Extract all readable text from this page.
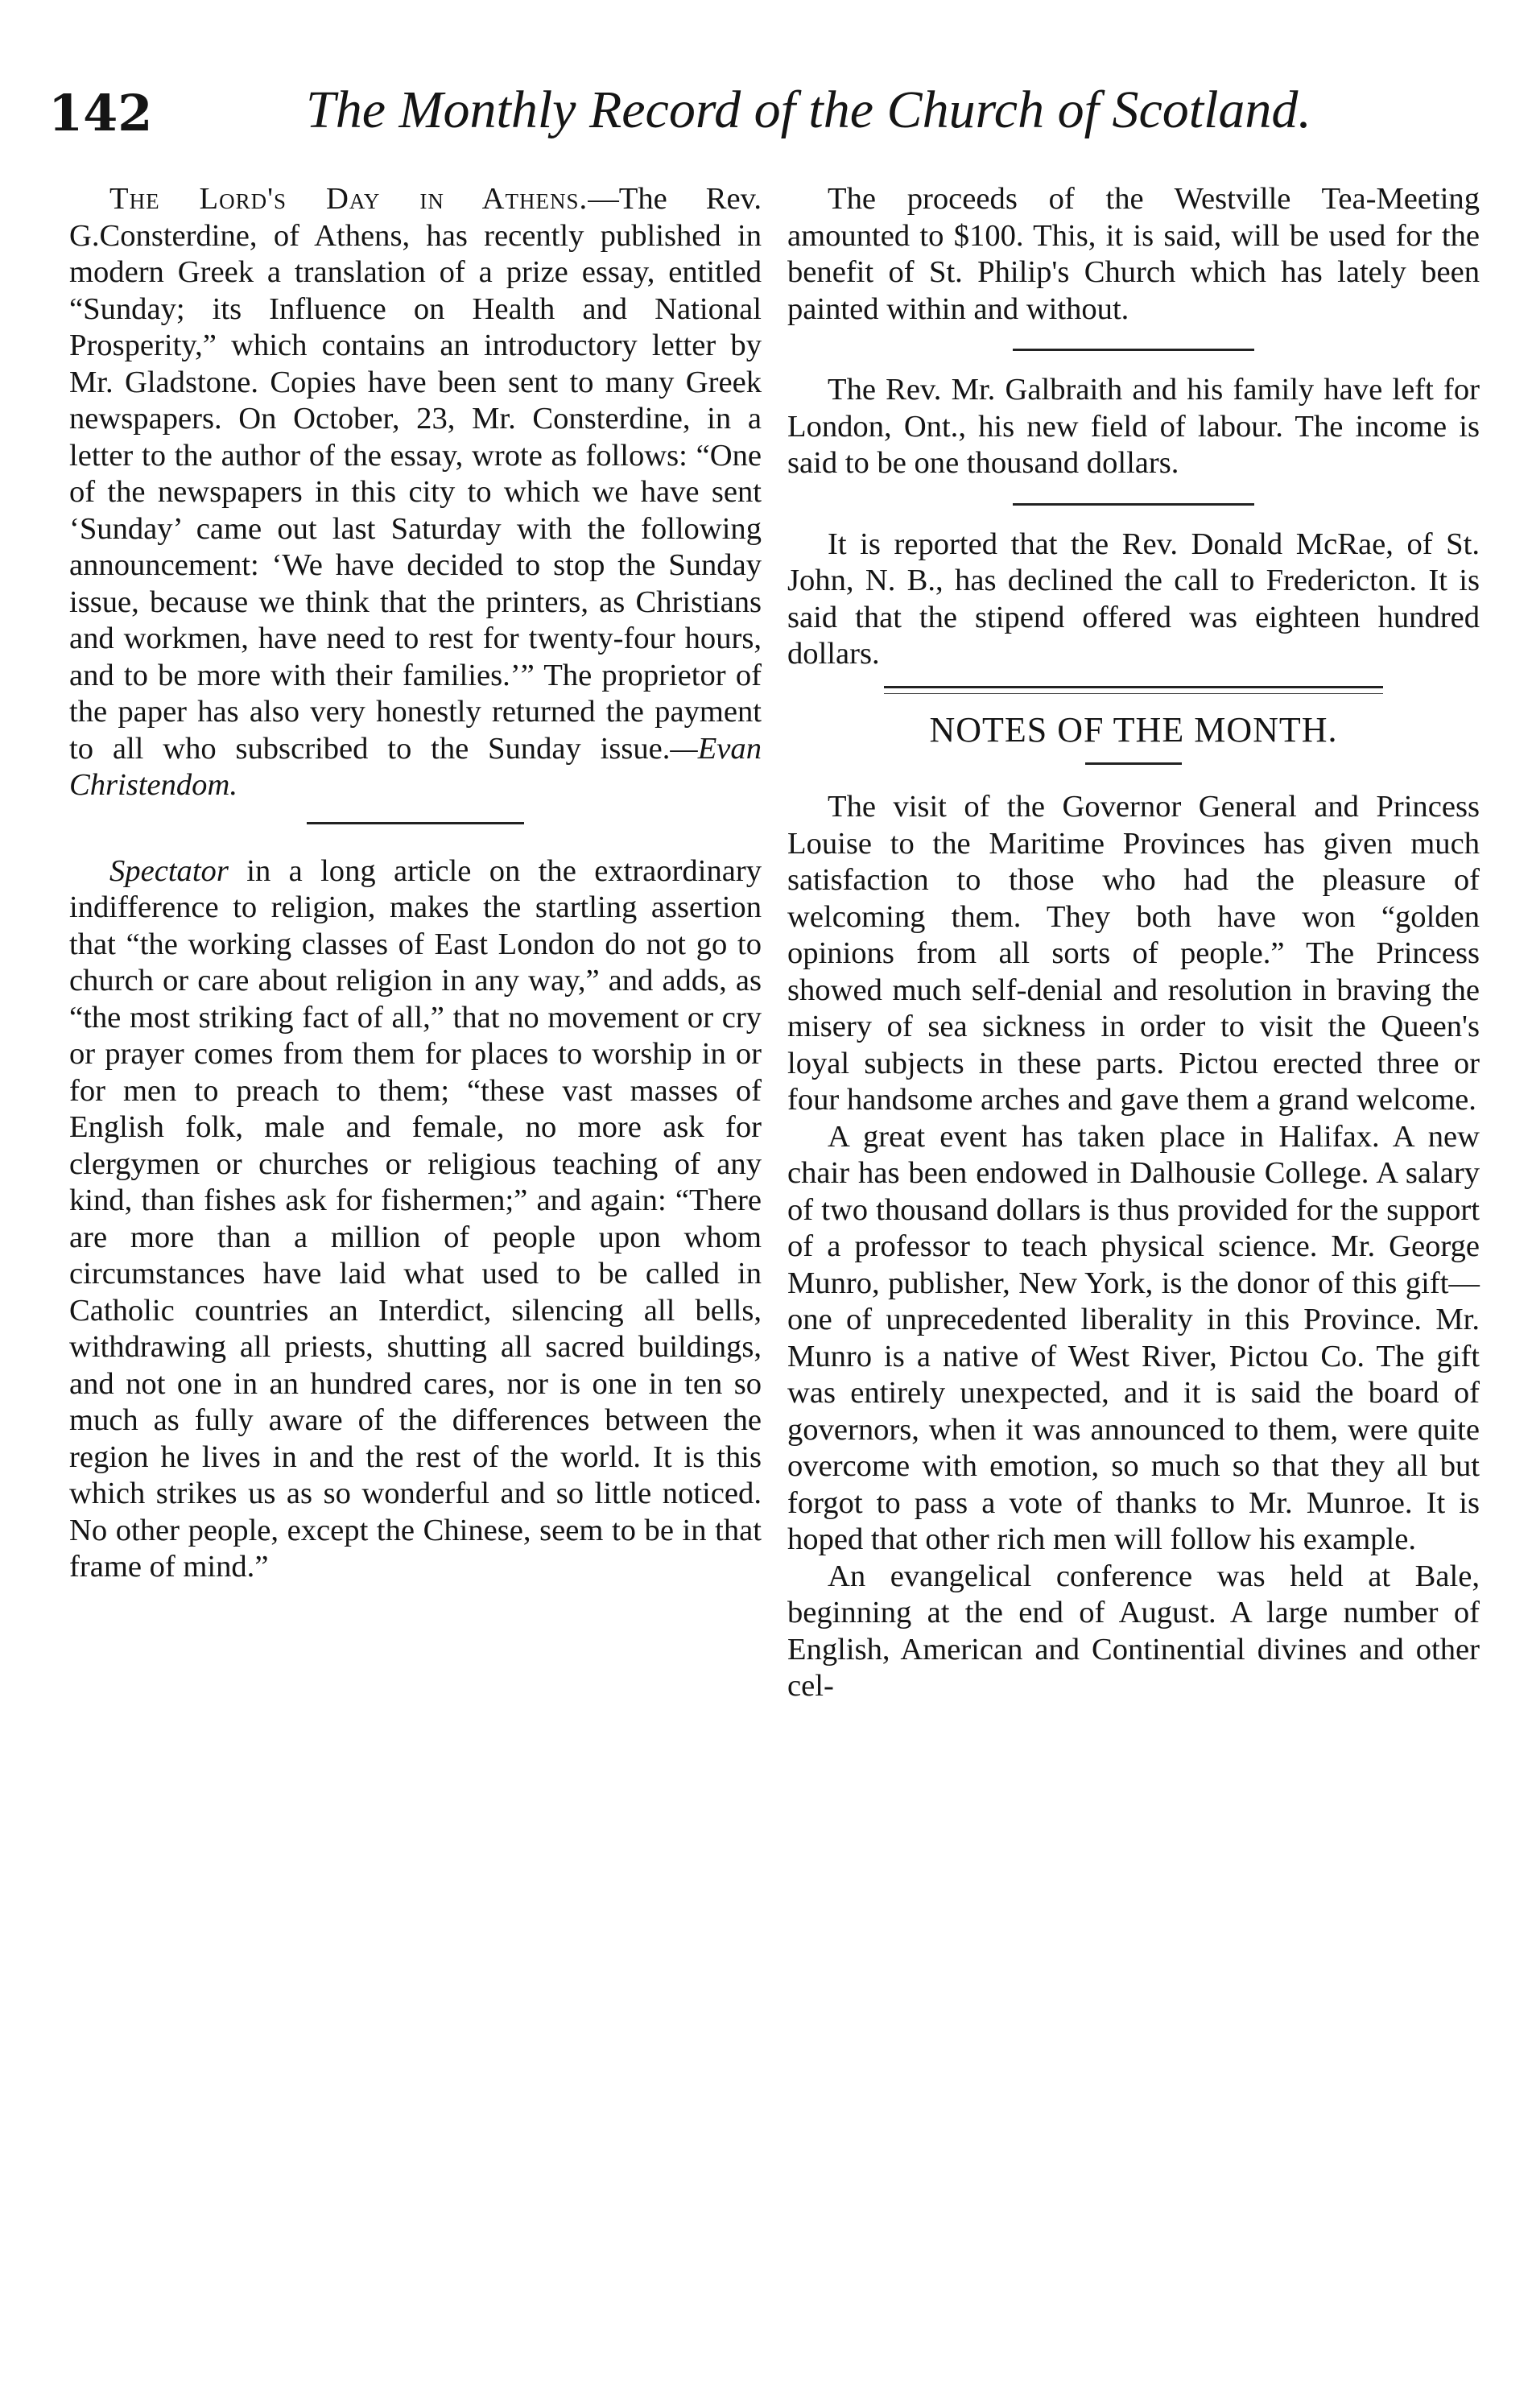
142	The Monthly Record of the Church of Scotland.

The Lord's Day in Athens.—The Rev. G.Consterdine, of Athens, has recently published in modern Greek a translation of a prize essay, entitled “Sunday; its Influence on Health and National Prosperity,” which contains an introductory letter by Mr. Gladstone. Copies have been sent to many Greek newspapers. On October, 23, Mr. Consterdine, in a letter to the author of the essay, wrote as follows: “One of the newspapers in this city to which we have sent ‘Sunday’ came out last Saturday with the following announcement: ‘We have decided to stop the Sunday issue, because we think that the printers, as Christians and workmen, have need to rest for twenty-four hours, and to be more with their families.’” The proprietor of the paper has also very honestly returned the payment to all who subscribed to the Sunday issue.—Evan Christendom.

Spectator in a long article on the extraordinary indifference to religion, makes the startling assertion that “the working classes of East London do not go to church or care about religion in any way,” and adds, as “the most striking fact of all,” that no movement or cry or prayer comes from them for places to worship in or for men to preach to them; “these vast masses of English folk, male and female, no more ask for clergymen or churches or religious teaching of any kind, than fishes ask for fishermen;” and again: “There are more than a million of people upon whom circumstances have laid what used to be called in Catholic countries an Interdict, silencing all bells, withdrawing all priests, shutting all sacred buildings, and not one in an hundred cares, nor is one in ten so much as fully aware of the differences between the region he lives in and the rest of the world. It is this which strikes us as so wonderful and so little noticed. No other people, except the Chinese, seem to be in that frame of mind.”

The proceeds of the Westville Tea-Meeting amounted to $100. This, it is said, will be used for the benefit of St. Philip's Church which has lately been painted within and without.

The Rev. Mr. Galbraith and his family have left for London, Ont., his new field of labour. The income is said to be one thousand dollars.

It is reported that the Rev. Donald McRae, of St. John, N. B., has declined the call to Fredericton. It is said that the stipend offered was eighteen hundred dollars.

NOTES OF THE MONTH.

The visit of the Governor General and Princess Louise to the Maritime Provinces has given much satisfaction to those who had the pleasure of welcoming them. They both have won “golden opinions from all sorts of people.” The Princess showed much self-denial and resolution in braving the misery of sea sickness in order to visit the Queen's loyal subjects in these parts. Pictou erected three or four handsome arches and gave them a grand welcome.

A great event has taken place in Halifax. A new chair has been endowed in Dalhousie College. A salary of two thousand dollars is thus provided for the support of a professor to teach physical science. Mr. George Munro, publisher, New York, is the donor of this gift—one of unprecedented liberality in this Province. Mr. Munro is a native of West River, Pictou Co. The gift was entirely unexpected, and it is said the board of governors, when it was announced to them, were quite overcome with emotion, so much so that they all but forgot to pass a vote of thanks to Mr. Munroe. It is hoped that other rich men will follow his example.

An evangelical conference was held at Bale, beginning at the end of August. A large number of English, American and Continential divines and other cel-
